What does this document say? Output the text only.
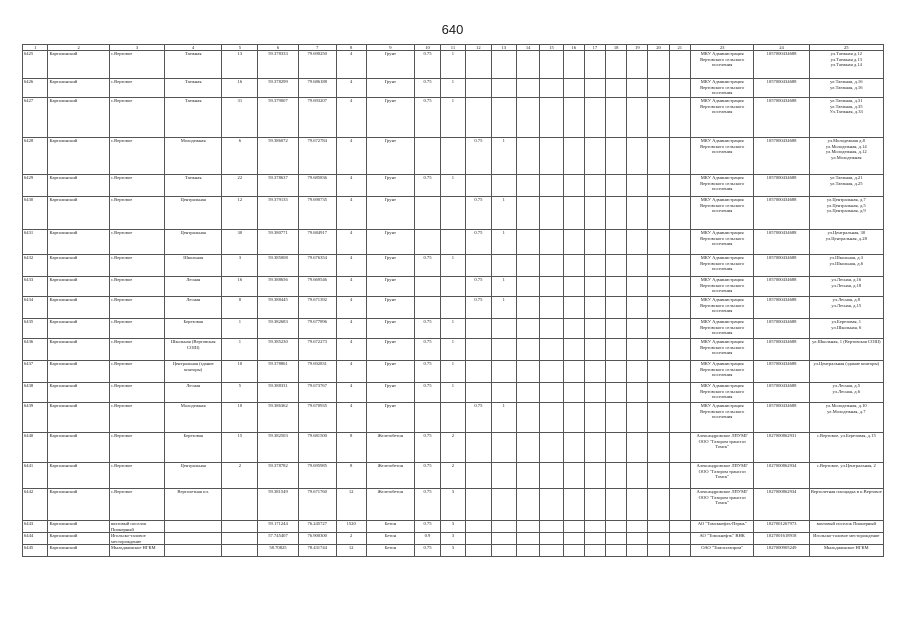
640
1	2	3	4	5	6	7	8	9	10	11	12	13	14	15	16	17	18	19	20	21	23	24	25
6425	Карталинский	с.Вертовое	Таежная	13	59.378333	79.690250	4	Грунт	0.75	1											МКУ Администрация Вертовского сельского поселения	1057000434688	ул.Таежная д.12
ул.Таежная д.13
ул.Таежная д.14
6426	Карталинский	с.Вертовое	Таежная	16	59.378299	79.686188	4	Грунт	0.75	1											МКУ Администрация Вертовского сельского поселения	1057000434688	ул.Таежная, д.16
ул.Таежная, д.16
6427	Карталинский	с.Вертовое	Таежная	31	59.379007	79.693207	4	Грунт	0.75	1											МКУ Администрация Вертовского сельского поселения	1057000434688	ул.Таежная, д.31
ул.Таежная, д.35
Ул.Таежная, д.33
6428	Карталинский	с.Вертовое	Молодежная	6	59.386072	79.672784	4	Грунт			0.75	1									МКУ Администрация Вертовского сельского поселения	1057000434688	ул.Молодежная д.8
ул.Молодежная, д.14
ул.Молодежная, д.12
ул.Молодежная
6429	Карталинский	с.Вертовое	Таежная	22	59.378637	79.685836	4	Грунт	0.75	1											МКУ Администрация Вертовского сельского поселения	1057000434688	ул.Таежная, д.21
ул.Таежная, д.25
6430	Карталинский	с.Вертовое	Центральная	12	59.379135	79.690735	4	Грунт			0.75	1									МКУ Администрация Вертовского сельского поселения	1057000434688	ул.Центральная, д.7
ул.Центральная, д.5
ул.Центральная, д.9
6431	Карталинский	с.Вертовое	Центральная	30	59.380771	79.684917	4	Грунт			0.75	1									МКУ Администрация Вертовского сельского поселения	1057000434688	ул.Центральная, 30
ул.Центральная, д.28
6432	Карталинский	с.Вертовое	Школьная	3	59.385008	79.676354	4	Грунт	0.75	1											МКУ Администрация Вертовского сельского поселения	1057000434688	ул.Школьная, д.3
ул.Школьная, д.6
6433	Карталинский	с.Вертовое	Лесная	16	59.388656	79.669546	4	Грунт			0.75	1									МКУ Администрация Вертовского сельского поселения	1057000434688	ул.Лесная, д.16
ул.Лесная, д.18
6434	Карталинский	с.Вертовое	Лесная	8	59.388445	79.671392	4	Грунт			0.75	1									МКУ Администрация Вертовского сельского поселения	1057000434688	ул.Лесная, д.8
ул.Лесная, д.15
6435	Карталинский	с.Вертовое	Березовая	1	59.382683	79.677896	4	Грунт	0.75	1											МКУ Администрация Вертовского сельского поселения	1057000434688	ул.Березовая, 1
ул.Школьная, 6
6436	Карталинский	с.Вертовое	Школьная (Вертовская СОШ)	1	59.385230	79.672273	4	Грунт	0.75	1											МКУ Администрация Вертовского сельского поселения	1057000434688	ул.Школьная, 1 (Вертовская СОШ)
6437	Карталинский	с.Вертовое	Центральная (здание конторы)	10	59.378861	79.692831	4	Грунт	0.75	1											МКУ Администрация Вертовского сельского поселения	1057000434688	ул.Центральная (здание конторы)
6438	Карталинский	с.Вертовое	Лесная	5	59.388331	79.673767	4	Грунт	0.75	1											МКУ Администрация Вертовского сельского поселения	1057000434688	ул.Лесная, д.5
ул.Лесная, д.6
6439	Карталинский	с.Вертовое	Молодежная	10	59.386362	79.670935	4	Грунт			0.75	1									МКУ Администрация Вертовского сельского поселения	1057000434688	ул.Молодежная, д.10
ул.Молодежная, д.7
6440	Карталинский	с.Вертовое	Березовая	15	59.382503	79.681500	8	Железобетон	0.75	2											Александровское ЛПУМГ ООО "Газпром трансгаз Томск"	1027000862931	с.Вертовое, ул.Березовая, д.15
6441	Карталинский	с.Вертовое	Центральная	2	59.378782	79.695985	8	Железобетон	0.75	2											Александровское ЛПУМГ ООО "Газпром трансгаз Томск"	1027000862934	с.Вертовое, ул.Центральная, 2
6442	Карталинский	с.Вертовое	Вертолетная пл.		59.381549	79.671760	12	Железобетон	0.75	3											Александровское ЛПУМГ ООО "Газпром трансгаз Томск"	1027000862934	Вертолетная площадка в п.Вертовое
6443	Карталинский	вахтовый поселок Пионерный			59.171244	76.245727	1520	Бетон	0.75	3											АО "Томскнефть-Пермь"	1027001267973	вахтовый поселок Пионерный
6444	Карталинский	Игольско-таловое месторождение			57.745407	76.900300	2	Бетон	0.9	3											АО "Томскнефть" ВНК	1027001618918	Игольско-таловое месторождение
6445	Карталинский	Мыльджинское НГКМ			58.70825	78.431744	12	Бетон	0.75	3											ОАО "Томскгазпром"	1027000905249	Мыльджинское НГКМ
